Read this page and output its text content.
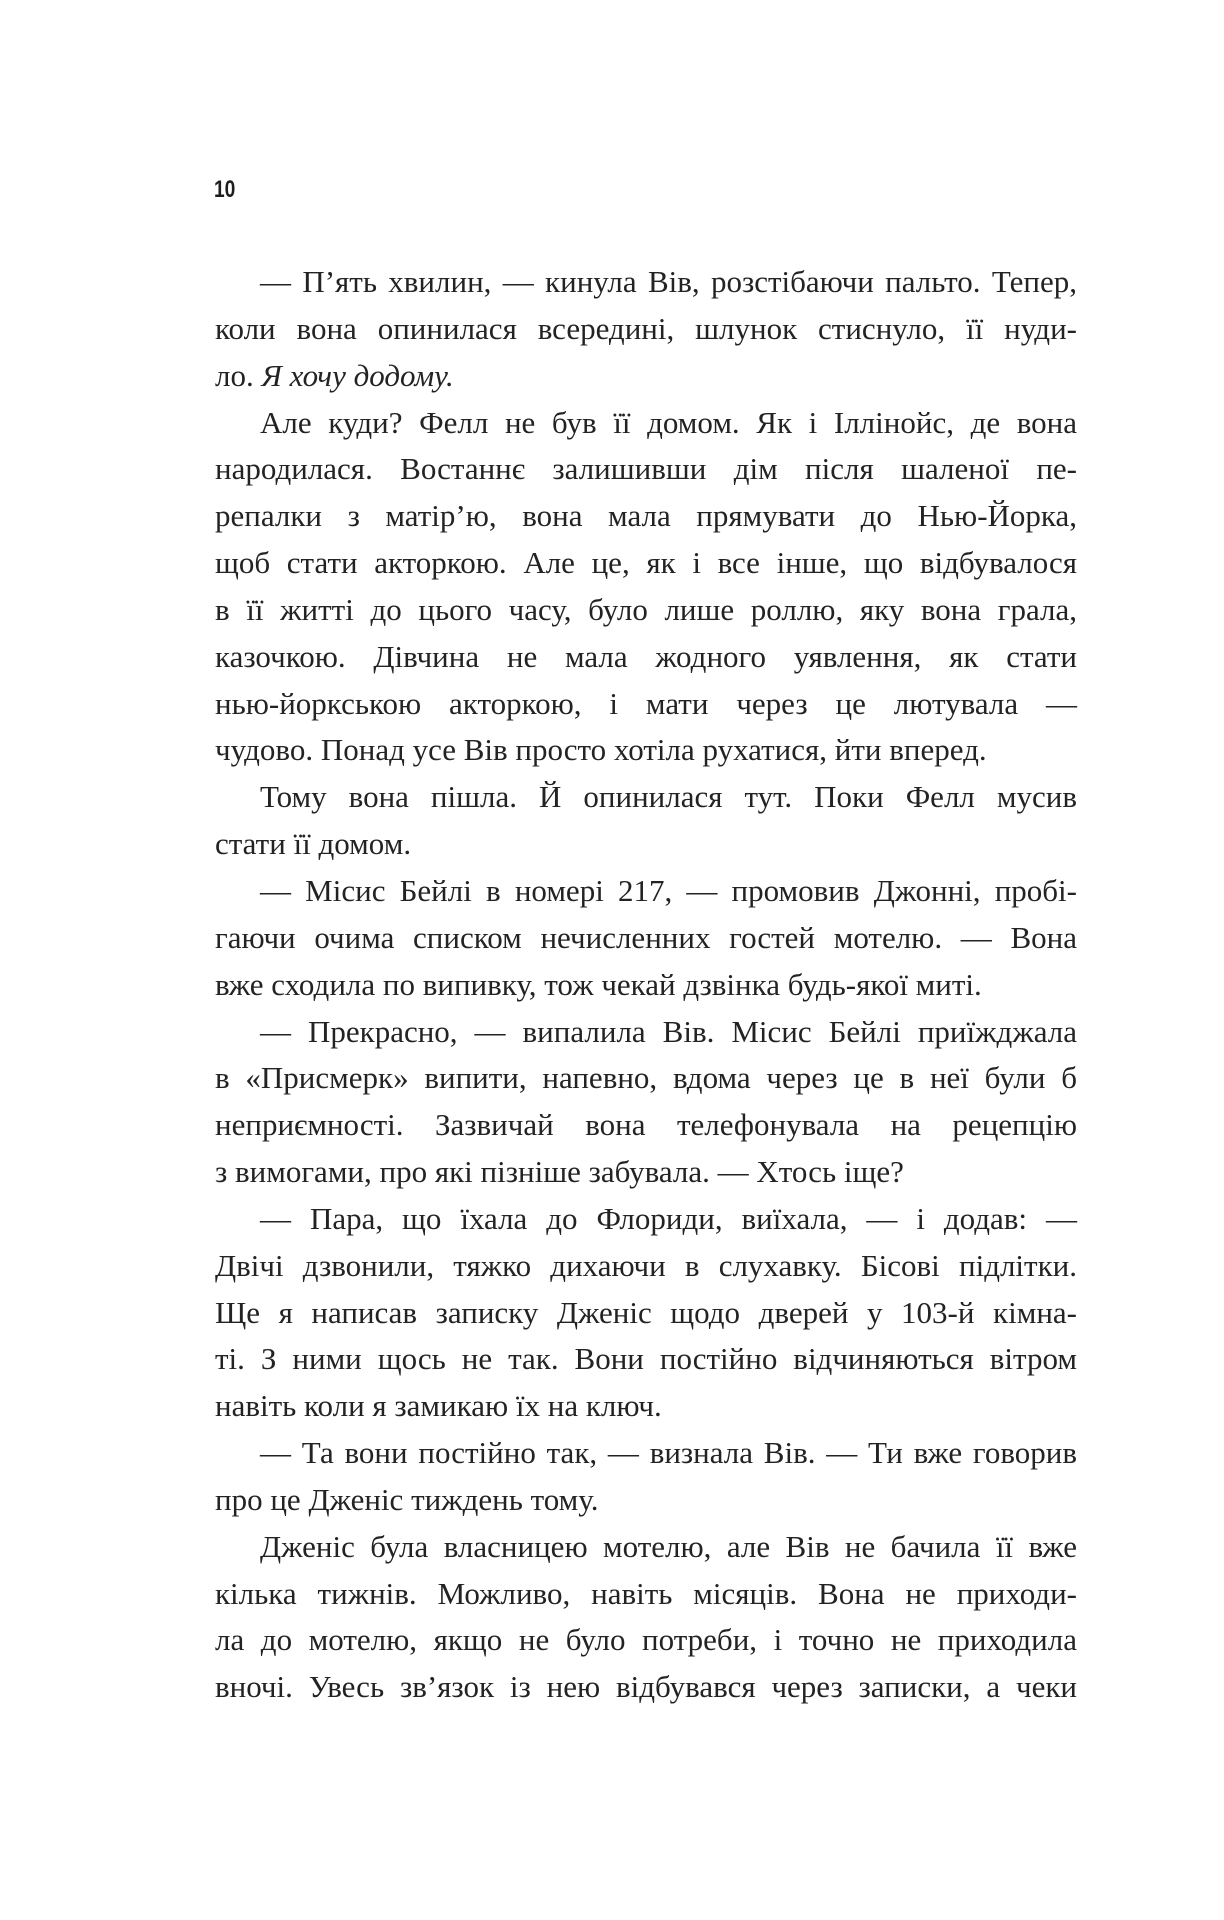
10
— П’ять хвилин, — кинула Вів, розстібаючи пальто. Тепер,
коли вона опинилася всередині, шлунок стиснуло, її нуди-
ло. Я хочу додому.
Але куди? Фелл не був її домом. Як і Іллінойс, де вона
народилася. Востаннє залишивши дім після шаленої пе-
репалки з матір’ю, вона мала прямувати до Нью-Йорка,
щоб стати акторкою. Але це, як і все інше, що відбувалося
в її житті до цього часу, було лише роллю, яку вона грала,
казочкою. Дівчина не мала жодного уявлення, як стати
нью-йоркською акторкою, і мати через це лютувала —
чудово. Понад усе Вів просто хотіла рухатися, йти вперед.
Тому вона пішла. Й опинилася тут. Поки Фелл мусив
стати її домом.
— Місис Бейлі в номері 217, — промовив Джонні, пробі-
гаючи очима списком нечисленних гостей мотелю. — Вона
вже сходила по випивку, тож чекай дзвінка будь-якої миті.
— Прекрасно, — випалила Вів. Місис Бейлі приїжджала
в «Присмерк» випити, напевно, вдома через це в неї були б
неприємності. Зазвичай вона телефонувала на рецепцію
з вимогами, про які пізніше забувала. — Хтось іще?
— Пара, що їхала до Флориди, виїхала, — і додав: —
Двічі дзвонили, тяжко дихаючи в слухавку. Бісові підлітки.
Ще я написав записку Дженіс щодо дверей у 103-й кімна-
ті. З ними щось не так. Вони постійно відчиняються вітром
навіть коли я замикаю їх на ключ.
— Та вони постійно так, — визнала Вів. — Ти вже говорив
про це Дженіс тиждень тому.
Дженіс була власницею мотелю, але Вів не бачила її вже
кілька тижнів. Можливо, навіть місяців. Вона не приходи-
ла до мотелю, якщо не було потреби, і точно не приходила
вночі. Увесь зв’язок із нею відбувався через записки, а чеки
